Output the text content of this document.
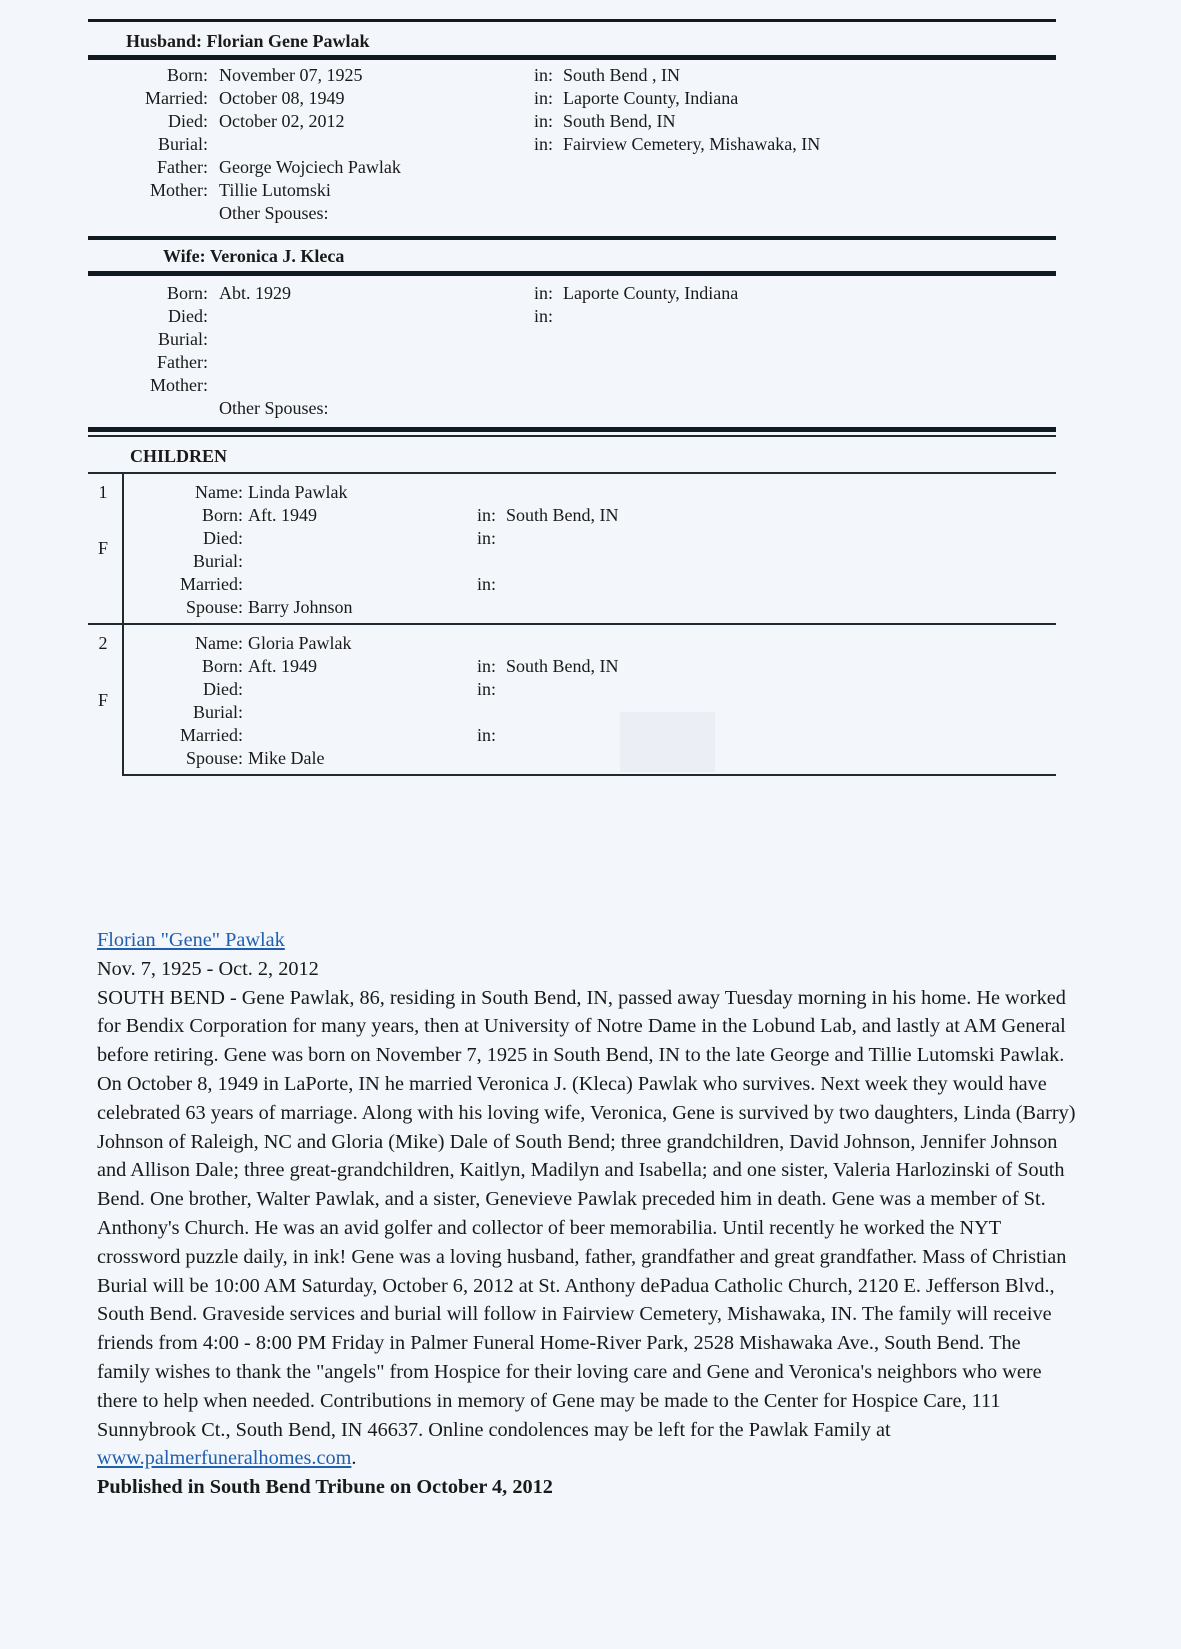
Husband: Florian Gene Pawlak
Born: November 07, 1925	in: South Bend , IN
Married: October 08, 1949	in: Laporte County, Indiana
Died: October 02, 2012	in: South Bend, IN
Burial:	in: Fairview Cemetery, Mishawaka, IN
Father: George Wojciech Pawlak
Mother: Tillie Lutomski
Other Spouses:
Wife: Veronica J. Kleca
Born: Abt. 1929	in: Laporte County, Indiana
Died:	in:
Burial:
Father:
Mother:
Other Spouses:
CHILDREN
1
F
Name: Linda Pawlak
Born: Aft. 1949	in: South Bend, IN
Died:	in:
Burial:
Married:	in:
Spouse: Barry Johnson
2
F
Name: Gloria Pawlak
Born: Aft. 1949	in: South Bend, IN
Died:	in:
Burial:
Married:	in:
Spouse: Mike Dale
Florian "Gene" Pawlak
Nov. 7, 1925 - Oct. 2, 2012
SOUTH BEND - Gene Pawlak, 86, residing in South Bend, IN, passed away Tuesday morning in his home. He worked for Bendix Corporation for many years, then at University of Notre Dame in the Lobund Lab, and lastly at AM General before retiring. Gene was born on November 7, 1925 in South Bend, IN to the late George and Tillie Lutomski Pawlak. On October 8, 1949 in LaPorte, IN he married Veronica J. (Kleca) Pawlak who survives. Next week they would have celebrated 63 years of marriage. Along with his loving wife, Veronica, Gene is survived by two daughters, Linda (Barry) Johnson of Raleigh, NC and Gloria (Mike) Dale of South Bend; three grandchildren, David Johnson, Jennifer Johnson and Allison Dale; three great-grandchildren, Kaitlyn, Madilyn and Isabella; and one sister, Valeria Harlozinski of South Bend. One brother, Walter Pawlak, and a sister, Genevieve Pawlak preceded him in death. Gene was a member of St. Anthony's Church. He was an avid golfer and collector of beer memorabilia. Until recently he worked the NYT crossword puzzle daily, in ink! Gene was a loving husband, father, grandfather and great grandfather. Mass of Christian Burial will be 10:00 AM Saturday, October 6, 2012 at St. Anthony dePadua Catholic Church, 2120 E. Jefferson Blvd., South Bend. Graveside services and burial will follow in Fairview Cemetery, Mishawaka, IN. The family will receive friends from 4:00 - 8:00 PM Friday in Palmer Funeral Home-River Park, 2528 Mishawaka Ave., South Bend. The family wishes to thank the "angels" from Hospice for their loving care and Gene and Veronica's neighbors who were there to help when needed. Contributions in memory of Gene may be made to the Center for Hospice Care, 111 Sunnybrook Ct., South Bend, IN 46637. Online condolences may be left for the Pawlak Family at www.palmerfuneralhomes.com.
Published in South Bend Tribune on October 4, 2012
